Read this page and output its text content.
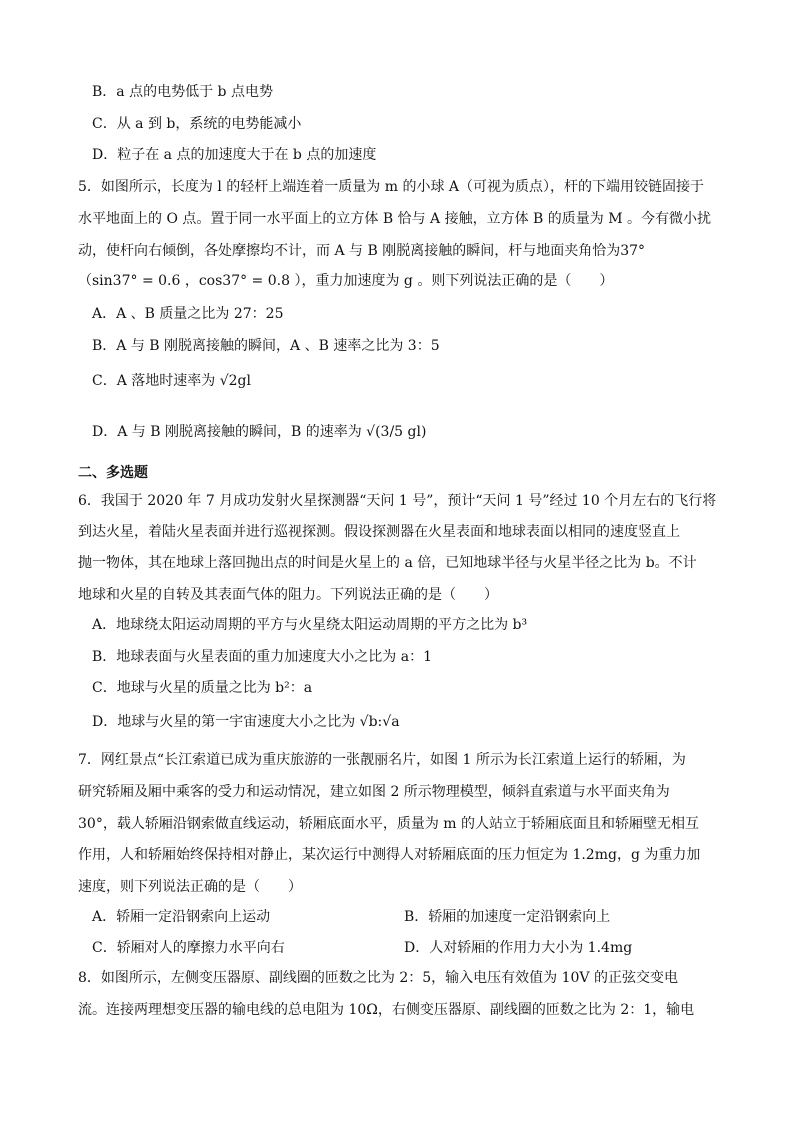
B．a 点的电势低于 b 点电势
C．从 a 到 b，系统的电势能减小
D．粒子在 a 点的加速度大于在 b 点的加速度
5．如图所示，长度为 l 的轻杆上端连着一质量为 m 的小球 A（可视为质点），杆的下端用铰链固接于
水平地面上的 O 点。置于同一水平面上的立方体 B 恰与 A 接触，立方体 B 的质量为 M 。今有微小扰
动，使杆向右倾倒，各处摩擦均不计，而 A 与 B 刚脱离接触的瞬间，杆与地面夹角恰为37°
（sin37° = 0.6 ，cos37° = 0.8 ），重力加速度为 g 。则下列说法正确的是（　　）
A．A 、B 质量之比为 27：25
B．A 与 B 刚脱离接触的瞬间，A 、B 速率之比为 3：5
C．A 落地时速率为 √2gl
D．A 与 B 刚脱离接触的瞬间，B 的速率为 √(3/5 gl)
二、多选题
6．我国于 2020 年 7 月成功发射火星探测器“天问 1 号”，预计“天问 1 号”经过 10 个月左右的飞行将
到达火星，着陆火星表面并进行巡视探测。假设探测器在火星表面和地球表面以相同的速度竖直上
抛一物体，其在地球上落回抛出点的时间是火星上的 a 倍，已知地球半径与火星半径之比为 b。不计
地球和火星的自转及其表面气体的阻力。下列说法正确的是（　　）
A．地球绕太阳运动周期的平方与火星绕太阳运动周期的平方之比为 b³
B．地球表面与火星表面的重力加速度大小之比为 a：1
C．地球与火星的质量之比为 b²：a
D．地球与火星的第一宇宙速度大小之比为 √b:√a
7．网红景点“长江索道已成为重庆旅游的一张靓丽名片，如图 1 所示为长江索道上运行的轿厢，为
研究轿厢及厢中乘客的受力和运动情况，建立如图 2 所示物理模型，倾斜直索道与水平面夹角为
30°，载人轿厢沿钢索做直线运动，轿厢底面水平，质量为 m 的人站立于轿厢底面且和轿厢壁无相互
作用，人和轿厢始终保持相对静止，某次运行中测得人对轿厢底面的压力恒定为 1.2mg，g 为重力加
速度，则下列说法正确的是（　　）
A．轿厢一定沿钢索向上运动	B．轿厢的加速度一定沿钢索向上
C．轿厢对人的摩擦力水平向右	D．人对轿厢的作用力大小为 1.4mg
8．如图所示，左侧变压器原、副线圈的匝数之比为 2：5，输入电压有效值为 10V 的正弦交变电
流。连接两理想变压器的输电线的总电阻为 10Ω，右侧变压器原、副线圈的匝数之比为 2：1，输电
